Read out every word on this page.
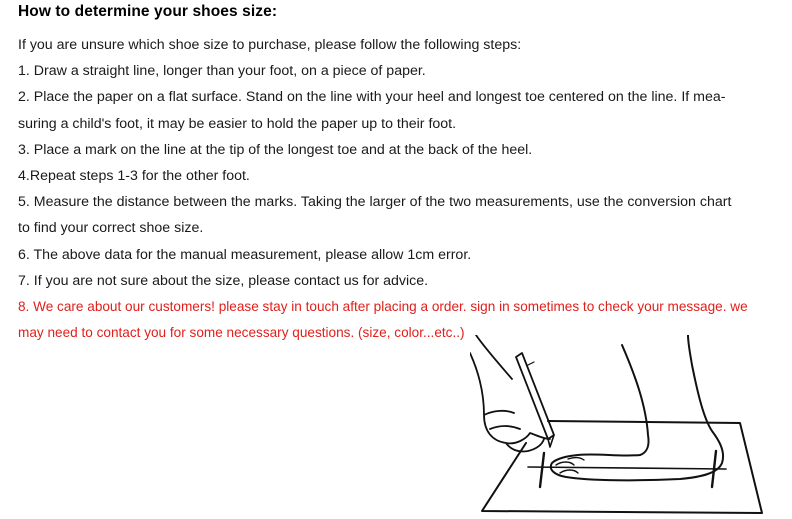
How to determine your shoes size:
If you are unsure which shoe size to purchase, please follow the following steps:
1. Draw a straight line, longer than your foot, on a piece of paper.
2. Place the paper on a flat surface. Stand on the line with your heel and longest toe centered on the line. If mea-
suring a child's foot, it may be easier to hold the paper up to their foot.
3. Place a mark on the line at the tip of the longest toe and at the back of the heel.
4.Repeat steps 1-3 for the other foot.
5. Measure the distance between the marks. Taking the larger of the two measurements, use the conversion chart
to find your correct shoe size.
6. The above data for the manual measurement, please allow 1cm error.
7. If you are not sure about the size, please contact us for advice.
8. We care about our customers! please stay in touch after placing a order. sign in sometimes to check your message. we
may need to contact you for some necessary questions. (size, color...etc..)
